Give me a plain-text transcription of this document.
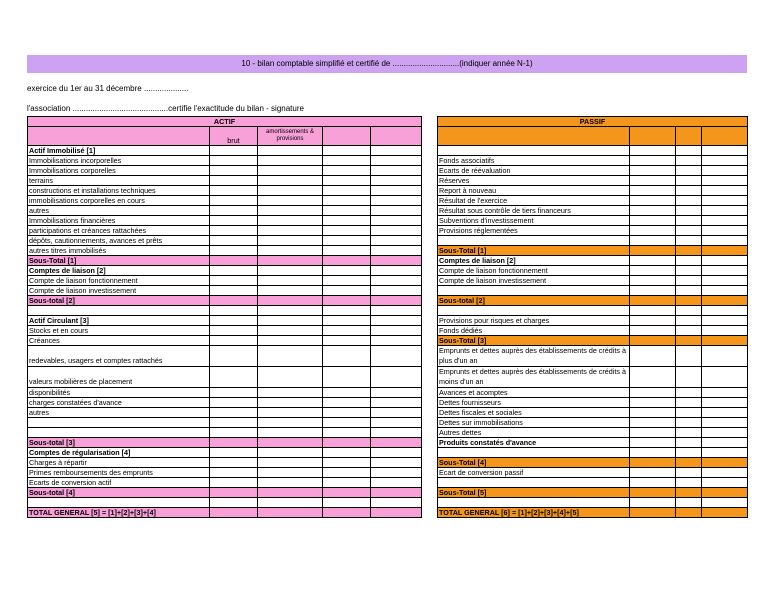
10 - bilan comptable simplifié et certifié de ..............................(indiquer année N-1)
exercice du 1er au 31 décembre ....................
l'association ...........................................certifie l'exactitude du bilan - signature
ACTIF				
	brut	amortissements & provisions		
Actif Immobilisé [1]				
Immobilisations incorporelles				
Immobilisations corporelles				
terrains				
constructions et installations techniques				
immobilisations corporelles en cours				
autres				
Immobilisations financières				
participations et créances rattachées				
dépôts, cautionnements, avances et prêts				
autres titres immobilisés				
Sous-Total [1]				
Comptes de liaison [2]				
Compte de liaison fonctionnement				
Compte de liaison investissement				
Sous-total [2]				

Actif Circulant [3]				
Stocks et en cours				
Créances				
redevables, usagers et comptes rattachés				
valeurs mobilières de placement				
disponibilités				
charges constatées d'avance				
autres				

Sous-total [3]				
Comptes de régularisation [4]				
Charges à répartir				
Primes remboursements des emprunts				
Ecarts de conversion actif				
Sous-total [4]				

TOTAL GENERAL [5] = [1]+[2]+[3]+[4]				
PASSIF			

Fonds associatifs			
Ecarts de réévaluation			
Réserves			
Report à nouveau			
Résultat de l'exercice			
Résultat sous contrôle de tiers financeurs			
Subventions d'investissement			
Provisions réglementées			

Sous-Total [1]			
Comptes de liaison [2]			
Compte de liaison fonctionnement			
Compte de liaison investissement			

Sous-total [2]			

Provisions pour risques et charges			
Fonds dédiés			
Sous-Total [3]			
Emprunts et dettes auprès des établissements de crédits à plus d'un an			
Emprunts et dettes auprès des établissements de crédits à moins d'un an			
Avances et acomptes			
Dettes fournisseurs			
Dettes fiscales et sociales			
Dettes sur immobilisations			
Autres dettes			
Produits constatés d'avance			

Sous-Total [4]			
Ecart de conversion passif			

Sous-Total [5]			

TOTAL GENERAL [6] = [1]+[2]+[3]+[4]+[5]			
